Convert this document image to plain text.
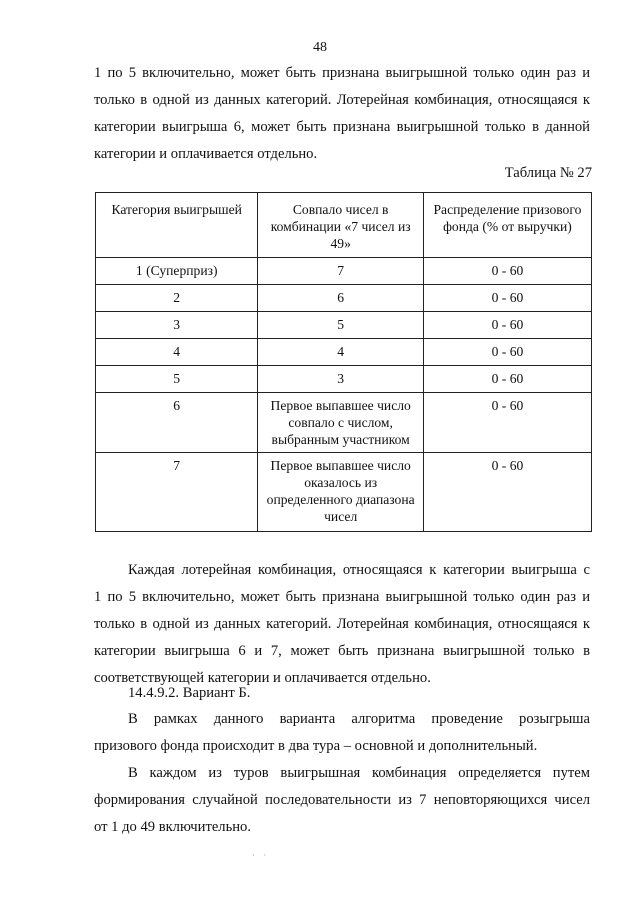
48
1 по 5 включительно, может быть признана выигрышной только один раз и
только в одной из данных категорий. Лотерейная комбинация, относящаяся к
категории выигрыша 6, может быть признана выигрышной только в данной
категории и оплачивается отдельно.
Таблица № 27
Категория выигрышей	Совпало чисел в комбинации «7 чисел из 49»	Распределение призового фонда (% от выручки)
1 (Суперприз)	7	0 - 60
2	6	0 - 60
3	5	0 - 60
4	4	0 - 60
5	3	0 - 60
6	Первое выпавшее число совпало с числом, выбранным участником	0 - 60
7	Первое выпавшее число оказалось из определенного диапазона чисел	0 - 60
Каждая лотерейная комбинация, относящаяся к категории выигрыша с
1 по 5 включительно, может быть признана выигрышной только один раз и
только в одной из данных категорий. Лотерейная комбинация, относящаяся к
категории выигрыша 6 и 7, может быть признана выигрышной только в
соответствующей категории и оплачивается отдельно.
14.4.9.2. Вариант Б.
В рамках данного варианта алгоритма проведение розыгрыша
призового фонда происходит в два тура – основной и дополнительный.
В каждом из туров выигрышная комбинация определяется путем
формирования случайной последовательности из 7 неповторяющихся чисел
от 1 до 49 включительно.
· ·
